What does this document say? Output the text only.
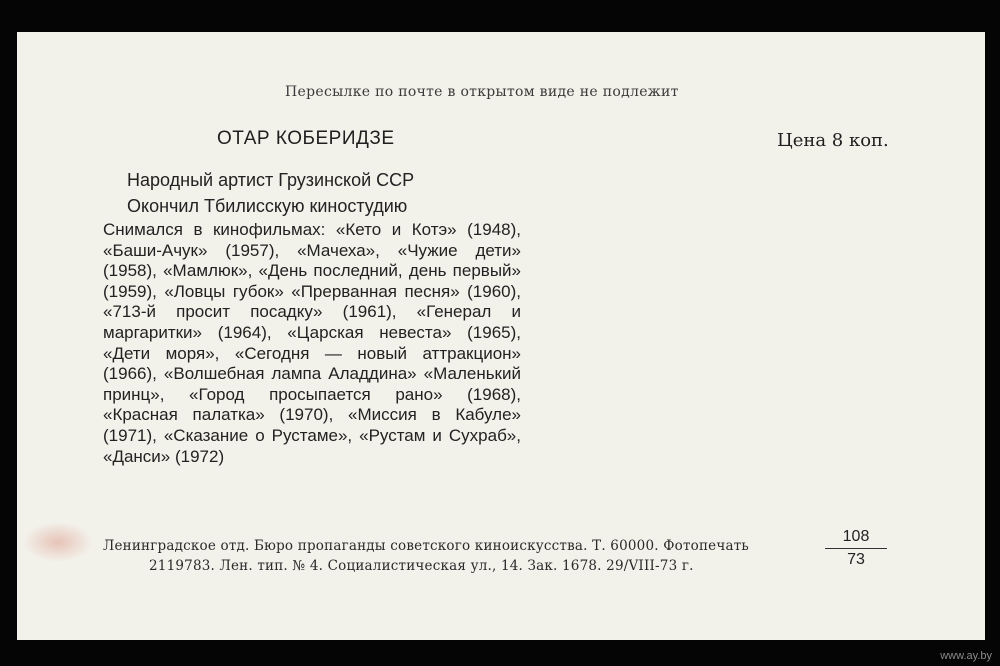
Пересылке по почте в открытом виде не подлежит
ОТАР КОБЕРИДЗЕ	Цена 8 коп.
Народный артист Грузинской ССР
Окончил Тбилисскую киностудию
Снимался в кинофильмах: «Кето и Котэ» (1948), «Баши-Ачук» (1957), «Мачеха», «Чужие дети» (1958), «Мамлюк», «День последний, день первый» (1959), «Ловцы губок» «Прерванная песня» (1960), «713-й просит посадку» (1961), «Генерал и маргаритки» (1964), «Царская невеста» (1965), «Дети моря», «Сегодня — новый аттракцион» (1966), «Волшебная лампа Аладдина» «Маленький принц», «Город просыпается рано» (1968), «Красная палатка» (1970), «Миссия в Кабуле» (1971), «Сказание о Рустаме», «Рустам и Сухраб», «Данси» (1972)
Ленинградское отд. Бюро пропаганды советского киноискусства. Т. 60000. Фотопечать
2119783. Лен. тип. № 4. Социалистическая ул., 14. Зак. 1678. 29/VIII-73 г.	$\frac{108}{73}$
www.ay.by
